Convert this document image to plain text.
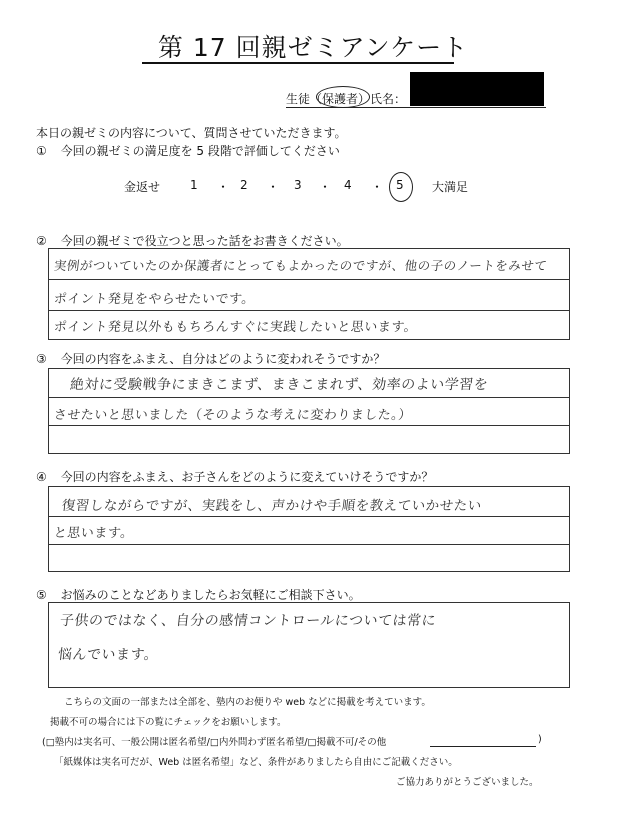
第 17 回親ゼミアンケート
生徒（保護者）氏名：
本日の親ゼミの内容について、質問させていただきます。
① 今回の親ゼミの満足度を 5 段階で評価してください
金返せ 1 ・ 2 ・ 3 ・ 4 ・ 5 大満足
② 今回の親ゼミで役立つと思った話をお書きください。
実例がついていたのか保護者にとってもよかったのですが、他の子のノートをみせて
ポイント発見をやらせたいです。
ポイント発見以外ももちろんすぐに実践したいと思います。
③ 今回の内容をふまえ、自分はどのように変われそうですか？
絶対に受験戦争にまきこまず、まきこまれず、効率のよい学習を
させたいと思いました（そのような考えに変わりました。）
④ 今回の内容をふまえ、お子さんをどのように変えていけそうですか？
復習しながらですが、実践をし、声かけや手順を教えていかせたい
と思います。
⑤ お悩みのことなどありましたらお気軽にご相談下さい。
子供のではなく、自分の感情コントロールについては常に
悩んでいます。
こちらの文面の一部または全部を、塾内のお便りや web などに掲載を考えています。
掲載不可の場合には下の覧にチェックをお願いします。
(□塾内は実名可、一般公開は匿名希望/□内外問わず匿名希望/□掲載不可/その他	)
「紙媒体は実名可だが、Web は匿名希望」など、条件がありましたら自由にご記載ください。
ご協力ありがとうございました。
